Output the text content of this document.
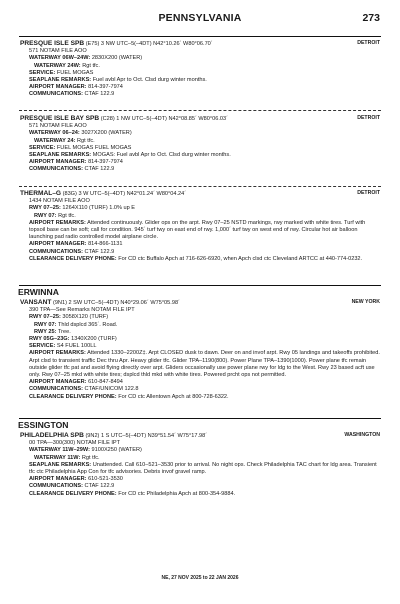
PENNSYLVANIA	273
PRESQUE ISLE SPB (E75) 3 NW UTC–5(–4DT) N42°10.26´ W80°06.70´	DETROIT
571 NOTAM FILE AOO
WATERWAY 06W–24W: 2830X200 (WATER)
WATERWAY 24W: Rgt tfc.
SERVICE: FUEL MOGAS
SEAPLANE REMARKS: Fuel avbl Apr to Oct. Clsd durg winter months.
AIRPORT MANAGER: 814-397-7974
COMMUNICATIONS: CTAF 122.9
PRESQUE ISLE BAY SPB (C28) 1 NW UTC–5(–4DT) N42°08.85´ W80°06.03´	DETROIT
571 NOTAM FILE AOO
WATERWAY 06–24: 3027X200 (WATER)
WATERWAY 24: Rgt tfc.
SERVICE: FUEL MOGAS FUEL MOGAS
SEAPLANE REMARKS: MOGAS: Fuel avbl Apr to Oct. Clsd durg winter months.
AIRPORT MANAGER: 814-397-7974
COMMUNICATIONS: CTAF 122.9
THERMAL–G (83G) 3 W UTC–5(–4DT) N42°01.24´ W80°04.24´	DETROIT
1434 NOTAM FILE AOO
RWY 07–25: 1264X110 (TURF) 1.0% up E
RWY 07: Rgt tfc.
AIRPORT REMARKS: Attended continuously. Glider ops on the arpt. Rwy 07–25 NSTD markings, rwy marked with white tires. Turf with topsoil base can be soft; call for condition. 945´ turf twy on east end of rwy. 1,000´ turf twy on west end of rwy. Circular hot air balloon launching pad radio controlled model airplane circle.
AIRPORT MANAGER: 814-866-1131
COMMUNICATIONS: CTAF 122.9
CLEARANCE DELIVERY PHONE: For CD ctc Buffalo Apch at 716-626-6920, when Apch clsd ctc Cleveland ARTCC at 440-774-0232.
ERWINNA
VANSANT (9N1) 2 SW UTC–5(–4DT) N40°29.06´ W75°05.98´	NEW YORK
390 TPA—See Remarks NOTAM FILE IPT
RWY 07–25: 3058X120 (TURF)
RWY 07: Thld dsplcd 365´. Road.
RWY 25: Tree.
RWY 05G–23G: 1340X200 (TURF)
SERVICE: S4 FUEL 100LL
AIRPORT REMARKS: Attended 1330–2200Z‡. Arpt CLOSED dusk to dawn. Deer on and invof arpt. Rwy 05 landings and takeoffs prohibited. Arpt clsd to transient traffic Dec thru Apr. Heavy glider tfc. Glider TPA–1190(800). Power Plane TPA–1390(1000). Power plane tfc remain outside glider tfc pat and avoid flying directly over arpt. Gliders occasionally use power plane rwy for ldg to the West. Rwy 23 based acft use only. Rwy 07–25 mkd with white tires; dsplcd thld mkd with white tires. Powered prcht ops not permitted.
AIRPORT MANAGER: 610-847-8494
COMMUNICATIONS: CTAF/UNICOM 122.8
CLEARANCE DELIVERY PHONE: For CD ctc Allentown Apch at 800-728-6322.
ESSINGTON
PHILADELPHIA SPB (9N2) 1 S UTC–5(–4DT) N39°51.54´ W75°17.98´	WASHINGTON
00 TPA—300(300) NOTAM FILE IPT
WATERWAY 11W–29W: 9100X250 (WATER)
WATERWAY 11W: Rgt tfc.
SEAPLANE REMARKS: Unattended. Call 610–521–3530 prior to arrival. No night ops. Check Philadelphia TAC chart for ldg area. Transient tfc ctc Philadelphia App Con for tfc advisories. Debris invof gravel ramp.
AIRPORT MANAGER: 610-521-3530
COMMUNICATIONS: CTAF 122.9
CLEARANCE DELIVERY PHONE: For CD ctc Philadelphia Apch at 800-354-9884.
NE, 27 NOV 2025 to 22 JAN 2026
